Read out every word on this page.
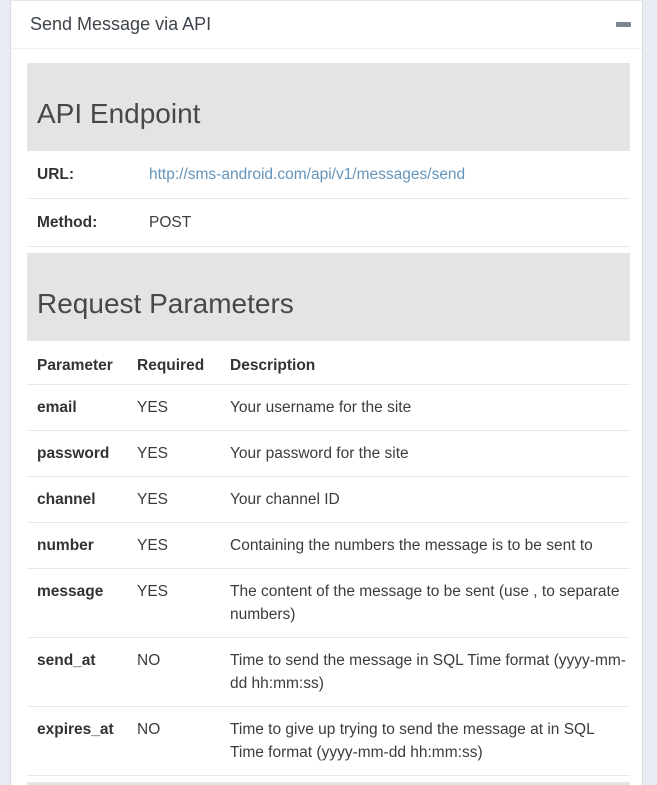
Send Message via API
API Endpoint
URL:	http://sms-android.com/api/v1/messages/send
Method:	POST
Request Parameters
Parameter	Required	Description
email	YES	Your username for the site
password	YES	Your password for the site
channel	YES	Your channel ID
number	YES	Containing the numbers the message is to be sent to
message	YES	The content of the message to be sent (use , to separate numbers)
send_at	NO	Time to send the message in SQL Time format (yyyy-mm-dd hh:mm:ss)
expires_at	NO	Time to give up trying to send the message at in SQL Time format (yyyy-mm-dd hh:mm:ss)
